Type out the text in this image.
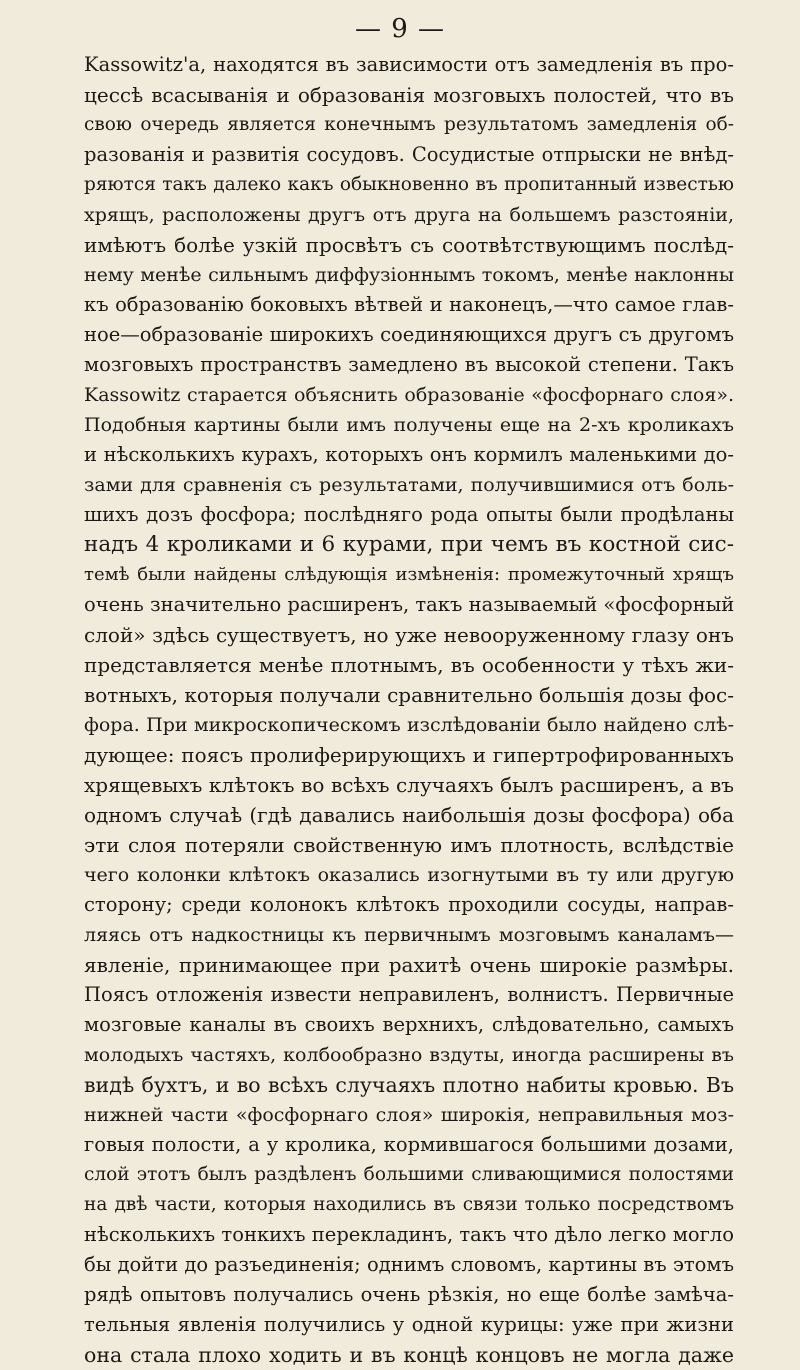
— 9 —
Kassowitz'а, находятся въ зависимости отъ замедленія въ про-
цессѣ всасыванія и образованія мозговыхъ полостей, что въ
свою очередь является конечнымъ результатомъ замедленія об-
разованія и развитія сосудовъ. Сосудистые отпрыски не внѣд-
ряются такъ далеко какъ обыкновенно въ пропитанный известью
хрящъ, расположены другъ отъ друга на большемъ разстояніи,
имѣютъ болѣе узкій просвѣтъ съ соотвѣтствующимъ послѣд-
нему менѣе сильнымъ диффузіоннымъ токомъ, менѣе наклонны
къ образованію боковыхъ вѣтвей и наконецъ,—что самое глав-
ное—образованіе широкихъ соединяющихся другъ съ другомъ
мозговыхъ пространствъ замедлено въ высокой степени. Такъ
Kassowitz старается объяснить образованіе «фосфорнаго слоя».
Подобныя картины были имъ получены еще на 2-хъ кроликахъ
и нѣсколькихъ курахъ, которыхъ онъ кормилъ маленькими до-
зами для сравненія съ результатами, получившимися отъ боль-
шихъ дозъ фосфора; послѣдняго рода опыты были продѣланы
надъ 4 кроликами и 6 курами, при чемъ въ костной сис-
темѣ были найдены слѣдующія измѣненія: промежуточный хрящъ
очень значительно расширенъ, такъ называемый «фосфорный
слой» здѣсь существуетъ, но уже невооруженному глазу онъ
представляется менѣе плотнымъ, въ особенности у тѣхъ жи-
вотныхъ, которыя получали сравнительно большія дозы фос-
фора. При микроскопическомъ изслѣдованіи было найдено слѣ-
дующее: поясъ пролиферирующихъ и гипертрофированныхъ
хрящевыхъ клѣтокъ во всѣхъ случаяхъ былъ расширенъ, а въ
одномъ случаѣ (гдѣ давались наибольшія дозы фосфора) оба
эти слоя потеряли свойственную имъ плотность, вслѣдствіе
чего колонки клѣтокъ оказались изогнутыми въ ту или другую
сторону; среди колонокъ клѣтокъ проходили сосуды, направ-
ляясь отъ надкостницы къ первичнымъ мозговымъ каналамъ—
явленіе, принимающее при рахитѣ очень широкіе размѣры.
Поясъ отложенія извести неправиленъ, волнистъ. Первичные
мозговые каналы въ своихъ верхнихъ, слѣдовательно, самыхъ
молодыхъ частяхъ, колбообразно вздуты, иногда расширены въ
видѣ бухтъ, и во всѣхъ случаяхъ плотно набиты кровью. Въ
нижней части «фосфорнаго слоя» широкія, неправильныя моз-
говыя полости, а у кролика, кормившагося большими дозами,
слой этотъ былъ раздѣленъ большими сливающимися полостями
на двѣ части, которыя находились въ связи только посредствомъ
нѣсколькихъ тонкихъ перекладинъ, такъ что дѣло легко могло
бы дойти до разъединенія; однимъ словомъ, картины въ этомъ
рядѣ опытовъ получались очень рѣзкія, но еще болѣе замѣча-
тельныя явленія получились у одной курицы: уже при жизни
она стала плохо ходить и въ концѣ концовъ не могла даже
